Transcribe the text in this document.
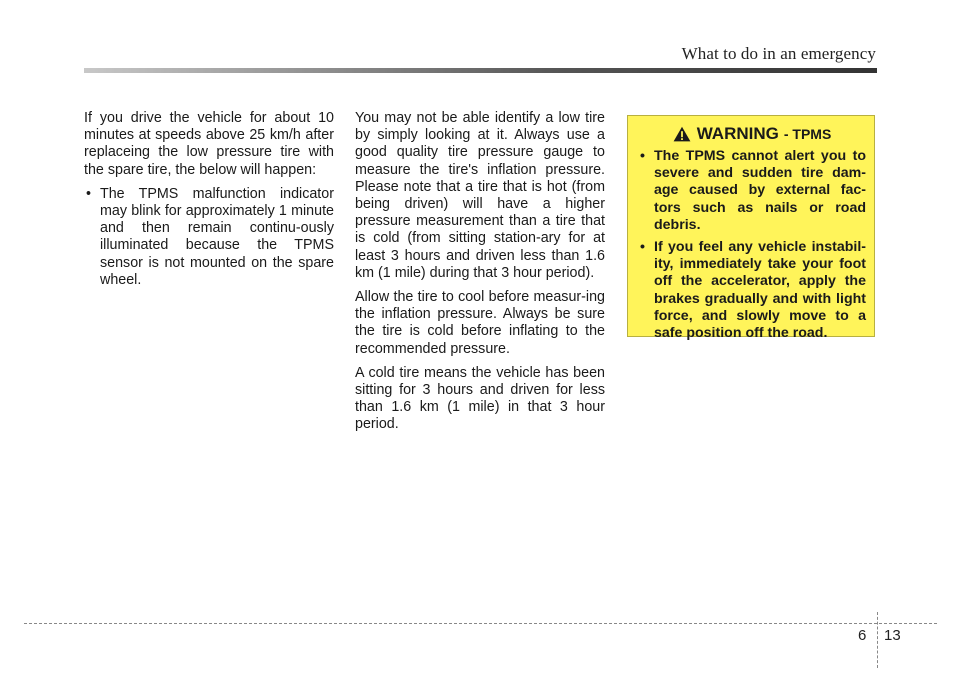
What to do in an emergency

If you drive the vehicle for about 10 minutes at speeds above 25 km/h after replaceing the low pressure tire with the spare tire, the below will happen:

• The TPMS malfunction indicator may blink for approximately 1 minute and then remain continu-ously illuminated because the TPMS sensor is not mounted on the spare wheel.

You may not be able identify a low tire by simply looking at it. Always use a good quality tire pressure gauge to measure the tire's inflation pressure. Please note that a tire that is hot (from being driven) will have a higher pressure measurement than a tire that is cold (from sitting station-ary for at least 3 hours and driven less than 1.6 km (1 mile) during that 3 hour period).

Allow the tire to cool before measur-ing the inflation pressure. Always be sure the tire is cold before inflating to the recommended pressure.

A cold tire means the vehicle has been sitting for 3 hours and driven for less than 1.6 km (1 mile) in that 3 hour period.

WARNING - TPMS
• The TPMS cannot alert you to severe and sudden tire dam-age caused by external fac-tors such as nails or road debris.
• If you feel any vehicle instabil-ity, immediately take your foot off the accelerator, apply the brakes gradually and with light force, and slowly move to a safe position off the road.
6 13
